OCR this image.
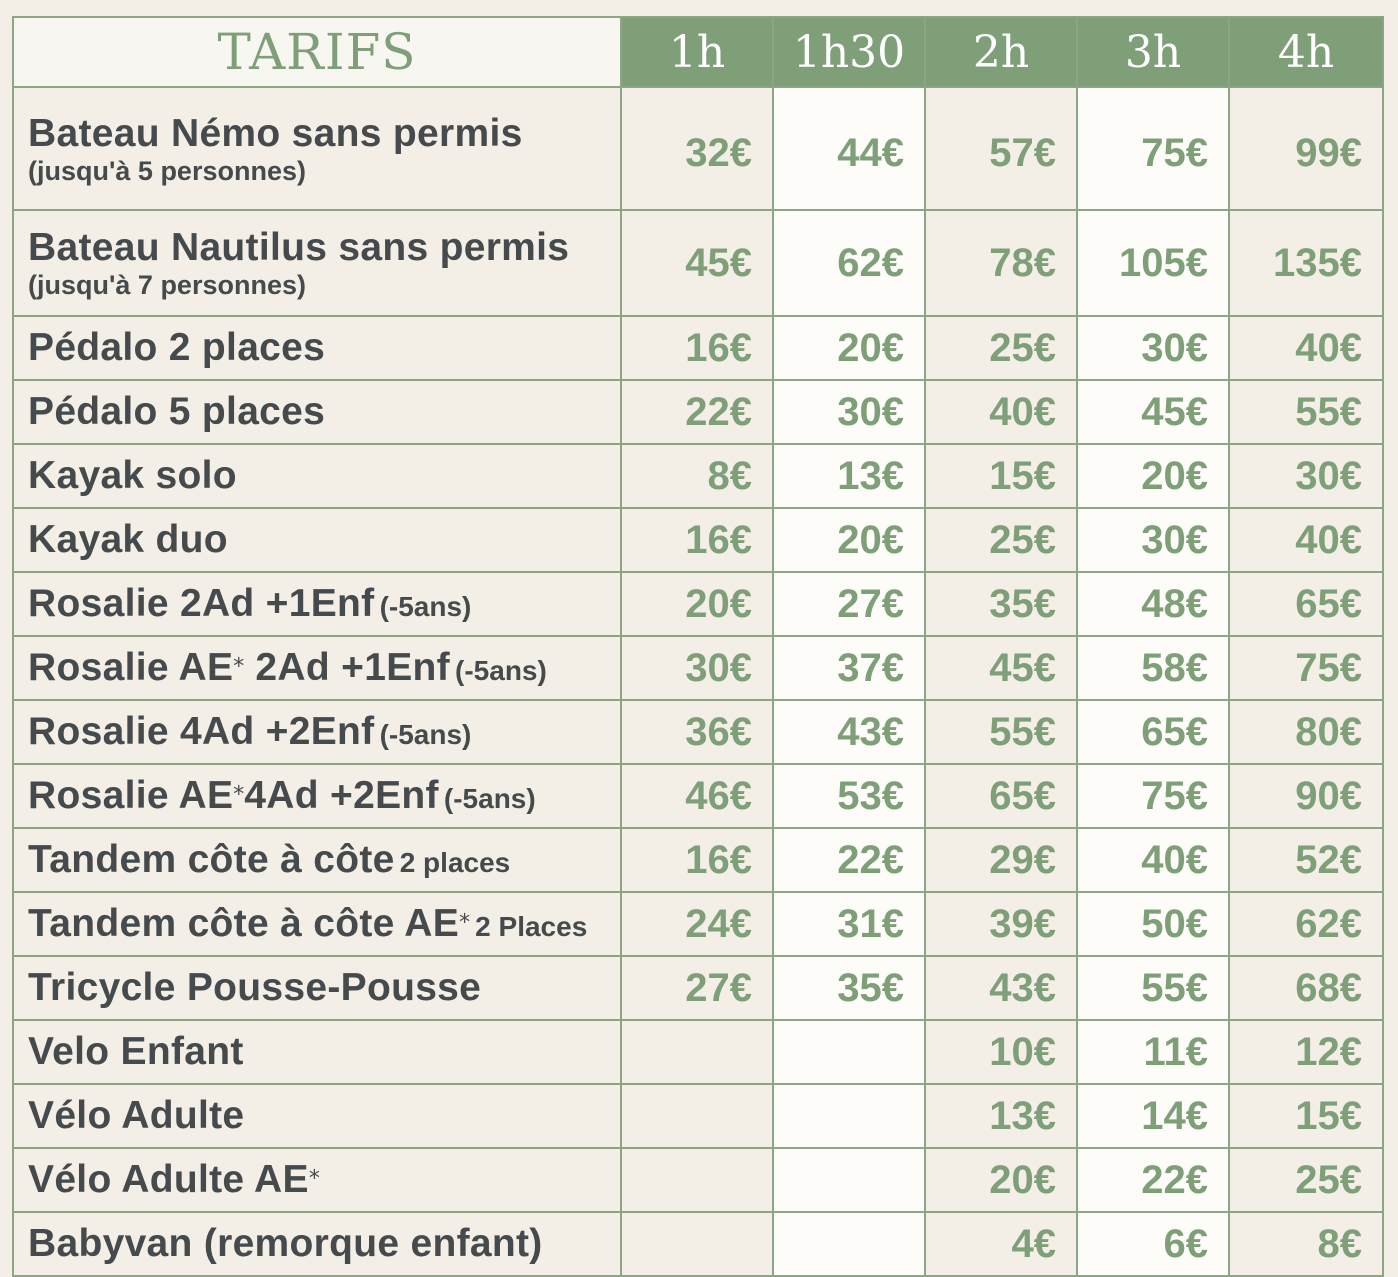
TARIFS	1h	1h30	2h	3h	4h
Bateau Némo sans permis
(jusqu'à 5 personnes)	32€	44€	57€	75€	99€
Bateau Nautilus sans permis
(jusqu'à 7 personnes)	45€	62€	78€	105€	135€
Pédalo 2 places	16€	20€	25€	30€	40€
Pédalo 5 places	22€	30€	40€	45€	55€
Kayak solo	8€	13€	15€	20€	30€
Kayak duo	16€	20€	25€	30€	40€
Rosalie 2Ad +1Enf (-5ans)	20€	27€	35€	48€	65€
Rosalie AE* 2Ad +1Enf (-5ans)	30€	37€	45€	58€	75€
Rosalie 4Ad +2Enf (-5ans)	36€	43€	55€	65€	80€
Rosalie AE*4Ad +2Enf (-5ans)	46€	53€	65€	75€	90€
Tandem côte à côte 2 places	16€	22€	29€	40€	52€
Tandem côte à côte AE* 2 Places	24€	31€	39€	50€	62€
Tricycle Pousse-Pousse	27€	35€	43€	55€	68€
Velo Enfant			10€	11€	12€
Vélo Adulte			13€	14€	15€
Vélo Adulte AE*			20€	22€	25€
Babyvan (remorque enfant)			4€	6€	8€
